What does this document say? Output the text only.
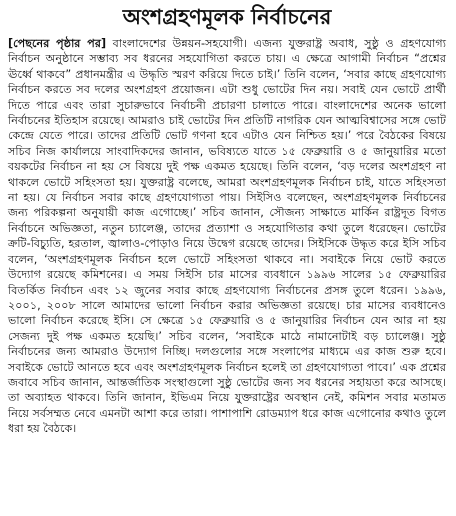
অংশগ্রহণমূলক নির্বাচনের

[পেছনের পৃষ্ঠার পর] বাংলাদেশের উন্নয়ন-সহযোগী। এজন্য যুক্তরাষ্ট্র অবাধ, সুষ্ঠু ও গ্রহণযোগ্য নির্বাচন অনুষ্ঠানে সম্ভাব্য সব ধরনের সহযোগিতা করতে চায়। এ ক্ষেত্রে আগামী নির্বাচন “প্রশ্নের ঊর্ধ্বে থাকবে” প্রধানমন্ত্রীর এ উদ্ধৃতি স্মরণ করিয়ে দিতে চাই।’ তিনি বলেন, ‘সবার কাছে গ্রহণযোগ্য নির্বাচন করতে সব দলের অংশগ্রহণ প্রয়োজন। এটা শুধু ভোটের দিন নয়। সবাই যেন ভোটে প্রার্থী দিতে পারে এবং তারা সুচারুভাবে নির্বাচনী প্রচারণা চালাতে পারে। বাংলাদেশের অনেক ভালো নির্বাচনের ইতিহাস রয়েছে। আমরাও চাই ভোটের দিন প্রতিটি নাগরিক যেন আত্মবিশ্বাসের সঙ্গে ভোট কেন্দ্রে যেতে পারে। তাদের প্রতিটি ভোট গণনা হবে এটাও যেন নিশ্চিত হয়।’ পরে বৈঠকের বিষয়ে সচিব নিজ কার্যালয়ে সাংবাদিকদের জানান, ভবিষ্যতে যাতে ১৫ ফেব্রুয়ারি ও ৫ জানুয়ারির মতো বয়কটের নির্বাচন না হয় সে বিষয়ে দুই পক্ষ একমত হয়েছে। তিনি বলেন, ‘বড় দলের অংশগ্রহণ না থাকলে ভোটে সহিংসতা হয়। যুক্তরাষ্ট্র বলেছে, আমরা অংশগ্রহণমূলক নির্বাচন চাই, যাতে সহিংসতা না হয়। যে নির্বাচন সবার কাছে গ্রহণযোগ্যতা পায়। সিইসিও বলেছেন, অংশগ্রহণমূলক নির্বাচনের জন্য পরিকল্পনা অনুযায়ী কাজ এগোচ্ছে।’ সচিব জানান, সৌজন্য সাক্ষাতে মার্কিন রাষ্ট্রদূত বিগত নির্বাচনে অভিজ্ঞতা, নতুন চ্যালেঞ্জ, তাদের প্রত্যাশা ও সহযোগিতার কথা তুলে ধরেছেন। ভোটের ক্রটি-বিচ্যুতি, হরতাল, জ্বালাও-পোড়াও নিয়ে উদ্বেগ রয়েছে তাদের। সিইসিকে উদ্ধৃত করে ইসি সচিব বলেন, ‘অংশগ্রহণমূলক নির্বাচন হলে ভোটে সহিংসতা থাকবে না। সবাইকে নিয়ে ভোট করতে উদ্যোগ রয়েছে কমিশনের। এ সময় সিইসি চার মাসের ব্যবধানে ১৯৯৬ সালের ১৫ ফেব্রুয়ারির বিতর্কিত নির্বাচন এবং ১২ জুনের সবার কাছে গ্রহণযোগ্য নির্বাচনের প্রসঙ্গ তুলে ধরেন। ১৯৯৬, ২০০১, ২০০৮ সালে আমাদের ভালো নির্বাচন করার অভিজ্ঞতা রয়েছে। চার মাসের ব্যবধানেও ভালো নির্বাচন করেছে ইসি। সে ক্ষেত্রে ১৫ ফেব্রুয়ারি ও ৫ জানুয়ারির নির্বাচন যেন আর না হয় সেজন্য দুই পক্ষ একমত হয়েছি।’ সচিব বলেন, ‘সবাইকে মাঠে নামানোটাই বড় চ্যালেঞ্জ। সুষ্ঠু নির্বাচনের জন্য আমরাও উদ্যোগ নিচ্ছি। দলগুলোর সঙ্গে সংলাপের মাধ্যমে এর কাজ শুরু হবে। সবাইকে ভোটে আনতে হবে এবং অংশগ্রহণমূলক নির্বাচন হলেই তা গ্রহণযোগ্যতা পাবে।’ এক প্রশ্নের জবাবে সচিব জানান, আন্তর্জাতিক সংস্থাগুলো সুষ্ঠু ভোটের জন্য সব ধরনের সহায়তা করে আসছে। তা অব্যাহত থাকবে। তিনি জানান, ইভিএম নিয়ে যুক্তরাষ্ট্রের অবস্থান নেই, কমিশন সবার মতামত নিয়ে সর্বসম্মত নেবে এমনটা আশা করে তারা। পাশাপাশি রোডম্যাপ ধরে কাজ এগোনোর কথাও তুলে ধরা হয় বৈঠকে।
